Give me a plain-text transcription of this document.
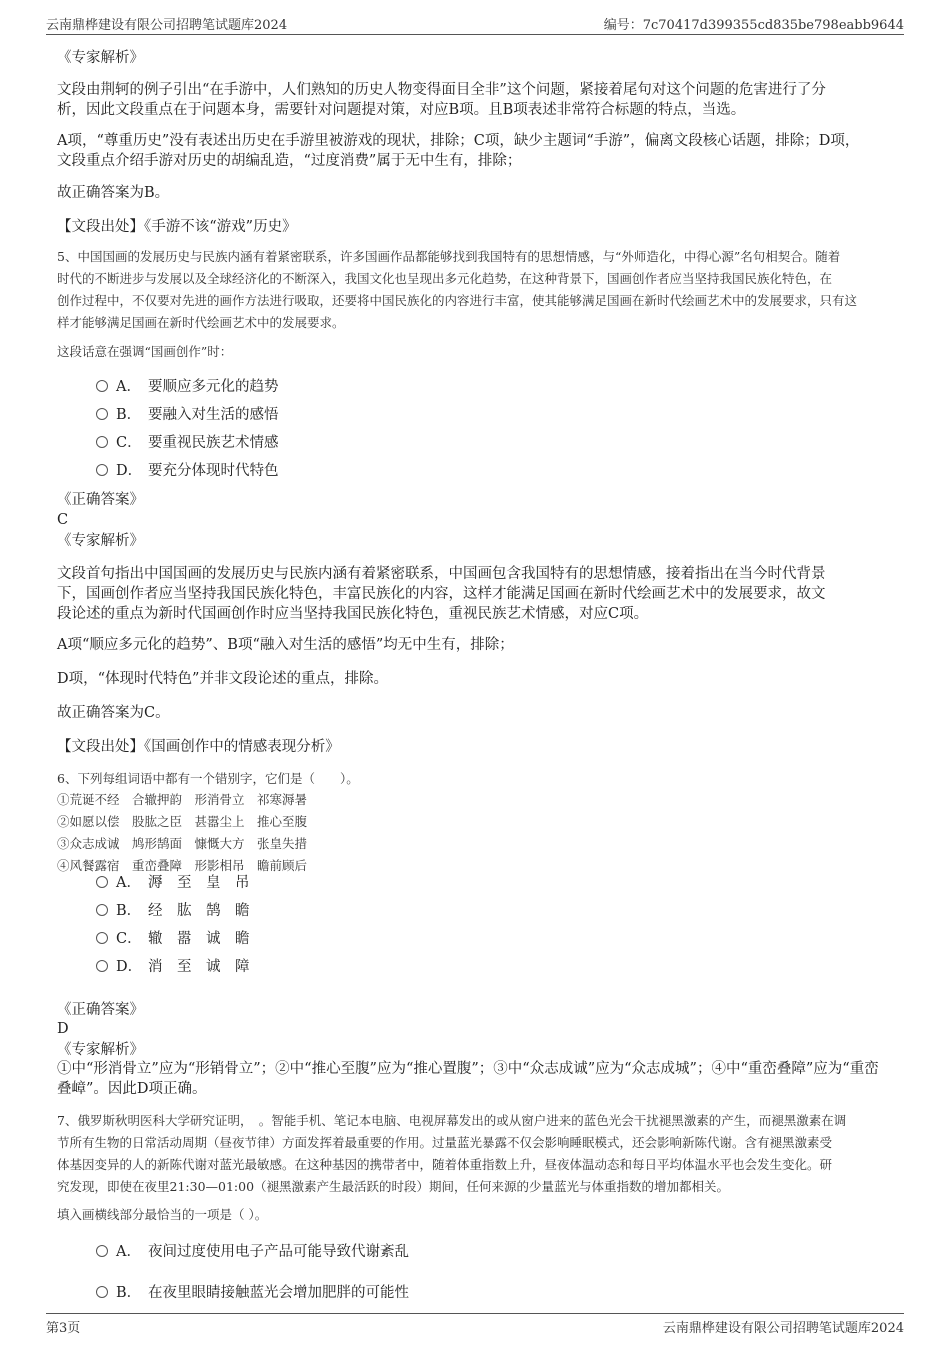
云南鼎桦建设有限公司招聘笔试题库2024	编号：7c70417d399355cd835be798eabb9644
《专家解析》
文段由荆轲的例子引出“在手游中，人们熟知的历史人物变得面目全非”这个问题，紧接着尾句对这个问题的危害进行了分
析，因此文段重点在于问题本身，需要针对问题提对策，对应B项。且B项表述非常符合标题的特点，当选。
A项，“尊重历史”没有表述出历史在手游里被游戏的现状，排除；C项，缺少主题词“手游”，偏离文段核心话题，排除；D项，
文段重点介绍手游对历史的胡编乱造，“过度消费”属于无中生有，排除；
故正确答案为B。
【文段出处】《手游不该“游戏”历史》
5、中国国画的发展历史与民族内涵有着紧密联系，许多国画作品都能够找到我国特有的思想情感，与“外师造化，中得心源”名句相契合。随着
时代的不断进步与发展以及全球经济化的不断深入，我国文化也呈现出多元化趋势，在这种背景下，国画创作者应当坚持我国民族化特色，在
创作过程中，不仅要对先进的画作方法进行吸取，还要将中国民族化的内容进行丰富，使其能够满足国画在新时代绘画艺术中的发展要求，只有这
样才能够满足国画在新时代绘画艺术中的发展要求。
这段话意在强调“国画创作”时：
A． 要顺应多元化的趋势
B． 要融入对生活的感悟
C． 要重视民族艺术情感
D． 要充分体现时代特色
《正确答案》
C
《专家解析》
文段首句指出中国国画的发展历史与民族内涵有着紧密联系，中国画包含我国特有的思想情感，接着指出在当今时代背景
下，国画创作者应当坚持我国民族化特色，丰富民族化的内容，这样才能满足国画在新时代绘画艺术中的发展要求，故文
段论述的重点为新时代国画创作时应当坚持我国民族化特色，重视民族艺术情感，对应C项。
A项“顺应多元化的趋势”、B项“融入对生活的感悟”均无中生有，排除；
D项，“体现时代特色”并非文段论述的重点，排除。
故正确答案为C。
【文段出处】《国画创作中的情感表现分析》
6、下列每组词语中都有一个错别字，它们是（　　）。
①荒诞不经　合辙押韵　形消骨立　祁寒溽暑
②如愿以偿　股肱之臣　甚嚣尘上　推心至腹
③众志成诚　鸠形鹄面　慷慨大方　张皇失措
④风餐露宿　重峦叠障　形影相吊　瞻前顾后
A． 溽　至　皇　吊
B． 经　肱　鹄　瞻
C． 辙　嚣　诚　瞻
D． 消　至　诚　障
《正确答案》
D
《专家解析》
①中“形消骨立”应为“形销骨立”；②中“推心至腹”应为“推心置腹”；③中“众志成诚”应为“众志成城”；④中“重峦叠障”应为“重峦
叠嶂”。因此D项正确。
7、俄罗斯秋明医科大学研究证明，　。智能手机、笔记本电脑、电视屏幕发出的或从窗户进来的蓝色光会干扰褪黑激素的产生，而褪黑激素在调
节所有生物的日常活动周期（昼夜节律）方面发挥着最重要的作用。过量蓝光暴露不仅会影响睡眠模式，还会影响新陈代谢。含有褪黑激素受
体基因变异的人的新陈代谢对蓝光最敏感。在这种基因的携带者中，随着体重指数上升，昼夜体温动态和每日平均体温水平也会发生变化。研
究发现，即使在夜里21:30—01:00（褪黑激素产生最活跃的时段）期间，任何来源的少量蓝光与体重指数的增加都相关。
填入画横线部分最恰当的一项是（ ）。
A． 夜间过度使用电子产品可能导致代谢紊乱
B． 在夜里眼睛接触蓝光会增加肥胖的可能性
第3页	云南鼎桦建设有限公司招聘笔试题库2024
